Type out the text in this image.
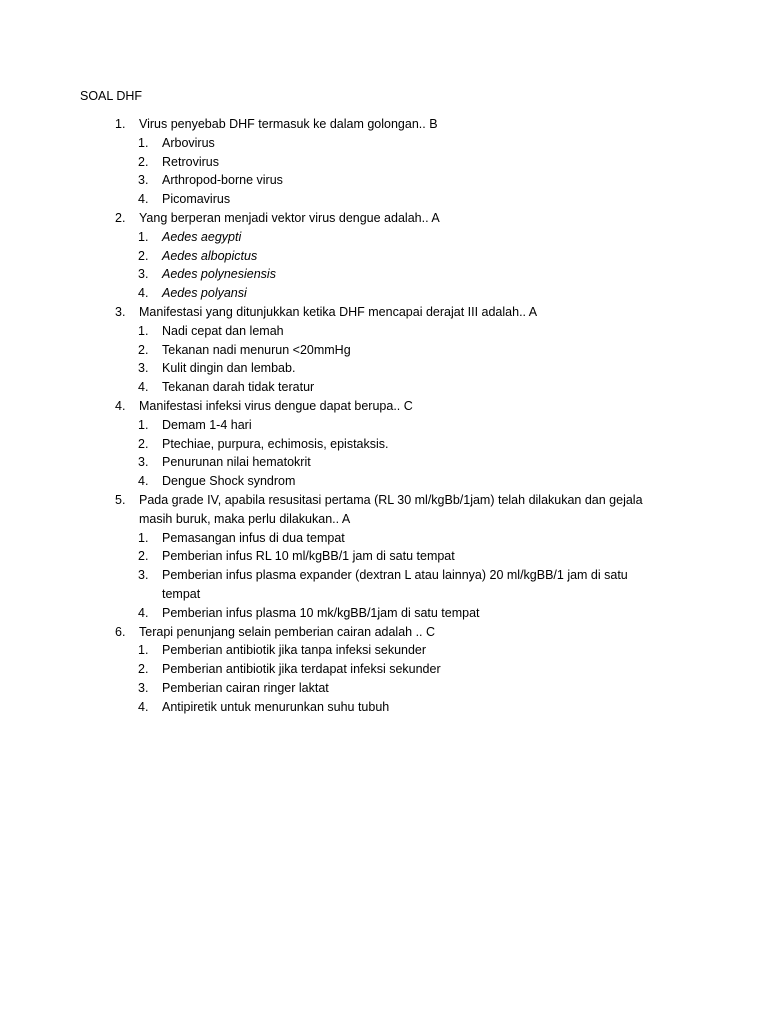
SOAL DHF
1. Virus penyebab DHF termasuk ke dalam golongan.. B
1. Arbovirus
2. Retrovirus
3. Arthropod-borne virus
4. Picomavirus
2. Yang berperan menjadi vektor virus dengue adalah.. A
1. Aedes aegypti
2. Aedes albopictus
3. Aedes polynesiensis
4. Aedes polyansi
3. Manifestasi yang ditunjukkan ketika DHF mencapai derajat III adalah.. A
1. Nadi cepat dan lemah
2. Tekanan nadi menurun <20mmHg
3. Kulit dingin dan lembab.
4. Tekanan darah tidak teratur
4. Manifestasi infeksi virus dengue dapat berupa.. C
1. Demam 1-4 hari
2. Ptechiae, purpura, echimosis, epistaksis.
3. Penurunan nilai hematokrit
4. Dengue Shock syndrom
5. Pada grade IV, apabila resusitasi pertama (RL 30 ml/kgBb/1jam) telah dilakukan dan gejala masih buruk, maka perlu dilakukan.. A
1. Pemasangan infus di dua tempat
2. Pemberian infus RL 10 ml/kgBB/1 jam di satu tempat
3. Pemberian infus plasma expander (dextran L atau lainnya) 20 ml/kgBB/1 jam di satu tempat
4. Pemberian infus plasma 10 mk/kgBB/1jam di satu tempat
6. Terapi penunjang selain pemberian cairan adalah .. C
1. Pemberian antibiotik jika tanpa infeksi sekunder
2. Pemberian antibiotik jika terdapat infeksi sekunder
3. Pemberian cairan ringer laktat
4. Antipiretik untuk menurunkan suhu tubuh
